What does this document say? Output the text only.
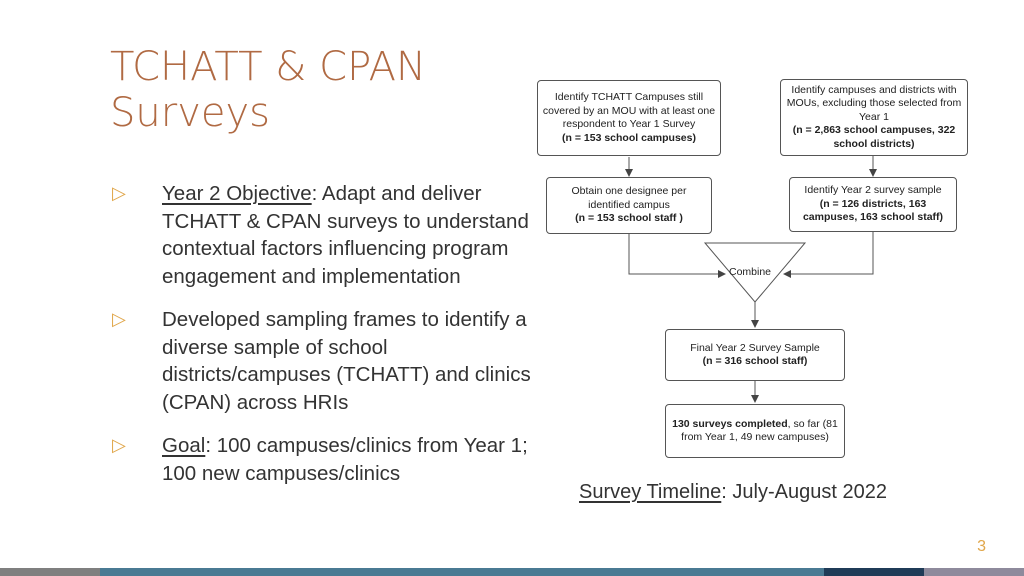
TCHATT & CPAN
Surveys
▷ Year 2 Objective: Adapt and deliver TCHATT & CPAN surveys to understand contextual factors influencing program engagement and implementation
▷ Developed sampling frames to identify a diverse sample of school districts/campuses (TCHATT) and clinics (CPAN) across HRIs
▷ Goal: 100 campuses/clinics from Year 1; 100 new campuses/clinics
Identify TCHATT Campuses still covered by an MOU with at least one respondent to Year 1 Survey
(n = 153 school campuses)
Identify campuses and districts with MOUs, excluding those selected from Year 1
(n = 2,863 school campuses, 322 school districts)
Obtain one designee per identified campus
(n = 153 school staff )
Identify Year 2 survey sample
(n = 126 districts, 163 campuses, 163 school staff)
Combine
Final Year 2 Survey Sample
(n = 316 school staff)
130 surveys completed, so far (81 from Year 1, 49 new campuses)
Survey Timeline: July-August 2022
3
